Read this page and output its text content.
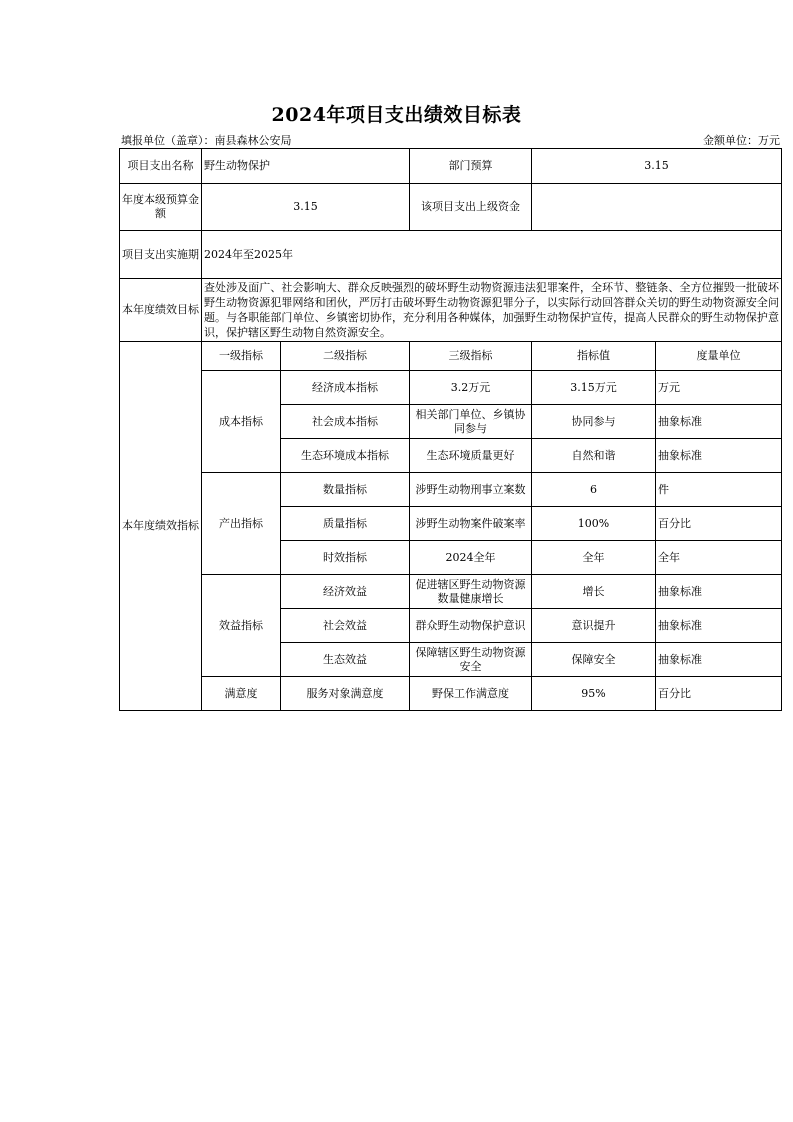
2024年项目支出绩效目标表
填报单位（盖章）：南县森林公安局	金额单位：万元
项目支出名称	野生动物保护		部门预算	3.15	
年度本级预算金额	3.15		该项目支出上级资金		
项目支出实施期	2024年至2025年				
本年度绩效目标	查处涉及面广、社会影响大、群众反映强烈的破坏野生动物资源违法犯罪案件，全环节、整链条、全方位摧毁一批破坏野生动物资源犯罪网络和团伙，严厉打击破坏野生动物资源犯罪分子，以实际行动回答群众关切的野生动物资源安全问题。与各职能部门单位、乡镇密切协作，充分利用各种媒体，加强野生动物保护宣传，提高人民群众的野生动物保护意识，保护辖区野生动物自然资源安全。				
本年度绩效指标	一级指标	二级指标	三级指标	指标值	度量单位
	成本指标	经济成本指标	3.2万元	3.15万元	万元
		社会成本指标	相关部门单位、乡镇协同参与	协同参与	抽象标准
		生态环境成本指标	生态环境质量更好	自然和谐	抽象标准
	产出指标	数量指标	涉野生动物刑事立案数	6	件
		质量指标	涉野生动物案件破案率	100%	百分比
		时效指标	2024全年	全年	全年
	效益指标	经济效益	促进辖区野生动物资源数量健康增长	增长	抽象标准
		社会效益	群众野生动物保护意识	意识提升	抽象标准
		生态效益	保障辖区野生动物资源安全	保障安全	抽象标准
	满意度	服务对象满意度	野保工作满意度	95%	百分比
